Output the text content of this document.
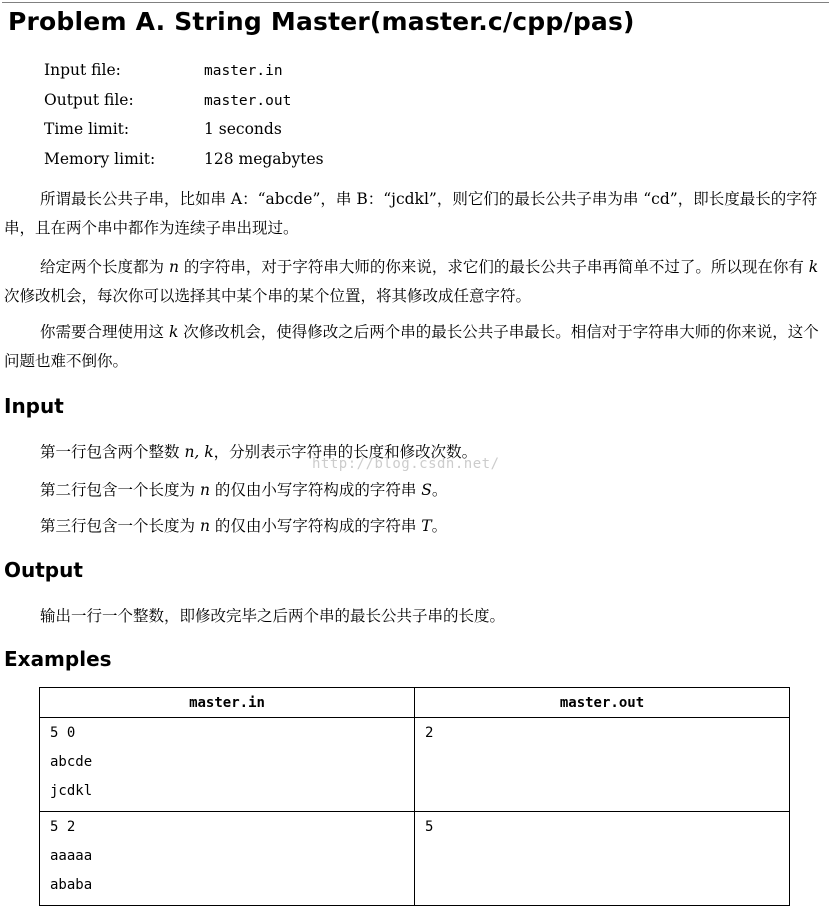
Problem A. String Master(master.c/cpp/pas)
Input file:	master.in
Output file:	master.out
Time limit:	1 seconds
Memory limit:	128 megabytes

所谓最长公共子串，比如串 A：“abcde”，串 B：“jcdkl”，则它们的最长公共子串为串 “cd”，即长度最长的字符串，且在两个串中都作为连续子串出现过。

给定两个长度都为 n 的字符串，对于字符串大师的你来说，求它们的最长公共子串再简单不过了。所以现在你有 k 次修改机会，每次你可以选择其中某个串的某个位置，将其修改成任意字符。

你需要合理使用这 k 次修改机会，使得修改之后两个串的最长公共子串最长。相信对于字符串大师的你来说，这个问题也难不倒你。

Input

第一行包含两个整数 n, k，分别表示字符串的长度和修改次数。

http://blog.csdn.net/

第二行包含一个长度为 n 的仅由小写字符构成的字符串 S。

第三行包含一个长度为 n 的仅由小写字符构成的字符串 T。

Output

输出一行一个整数，即修改完毕之后两个串的最长公共子串的长度。

Examples
master.in	master.out

5 0
abcde
jcdkl	2

5 2
aaaaa
ababa	5
